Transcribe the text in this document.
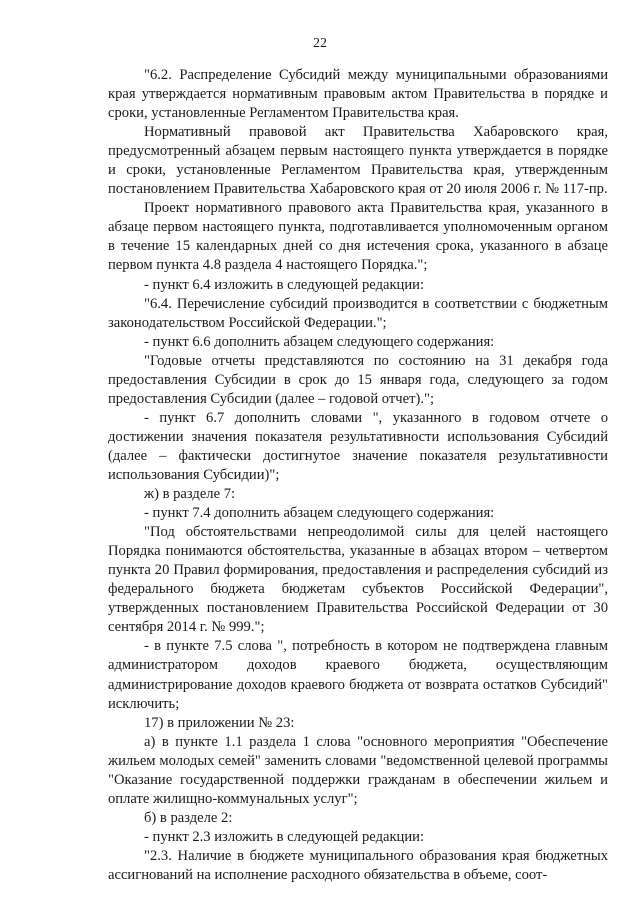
22

"6.2. Распределение Субсидий между муниципальными образованиями края утверждается нормативным правовым актом Правительства в порядке и сроки, установленные Регламентом Правительства края.

Нормативный правовой акт Правительства Хабаровского края, предусмотренный абзацем первым настоящего пункта утверждается в порядке и сроки, установленные Регламентом Правительства края, утвержденным постановлением Правительства Хабаровского края от 20 июля 2006 г. № 117-пр.

Проект нормативного правового акта Правительства края, указанного в абзаце первом настоящего пункта, подготавливается уполномоченным органом в течение 15 календарных дней со дня истечения срока, указанного в абзаце первом пункта 4.8 раздела 4 настоящего Порядка.";

- пункт 6.4 изложить в следующей редакции:

"6.4. Перечисление субсидий производится в соответствии с бюджетным законодательством Российской Федерации.";

- пункт 6.6 дополнить абзацем следующего содержания:

"Годовые отчеты представляются по состоянию на 31 декабря года предоставления Субсидии в срок до 15 января года, следующего за годом предоставления Субсидии (далее – годовой отчет).";

- пункт 6.7 дополнить словами ", указанного в годовом отчете о достижении значения показателя результативности использования Субсидий (далее – фактически достигнутое значение показателя результативности использования Субсидии)";

ж) в разделе 7:

- пункт 7.4 дополнить абзацем следующего содержания:

"Под обстоятельствами непреодолимой силы для целей настоящего Порядка понимаются обстоятельства, указанные в абзацах втором – четвертом пункта 20 Правил формирования, предоставления и распределения субсидий из федерального бюджета бюджетам субъектов Российской Федерации", утвержденных постановлением Правительства Российской Федерации от 30 сентября 2014 г. № 999.";

- в пункте 7.5 слова ", потребность в котором не подтверждена главным администратором доходов краевого бюджета, осуществляющим администрирование доходов краевого бюджета от возврата остатков Субсидий" исключить;

17) в приложении № 23:

а) в пункте 1.1 раздела 1 слова "основного мероприятия "Обеспечение жильем молодых семей" заменить словами "ведомственной целевой программы "Оказание государственной поддержки гражданам в обеспечении жильем и оплате жилищно-коммунальных услуг";

б) в разделе 2:

- пункт 2.3 изложить в следующей редакции:

"2.3. Наличие в бюджете муниципального образования края бюджетных ассигнований на исполнение расходного обязательства в объеме, соот-
